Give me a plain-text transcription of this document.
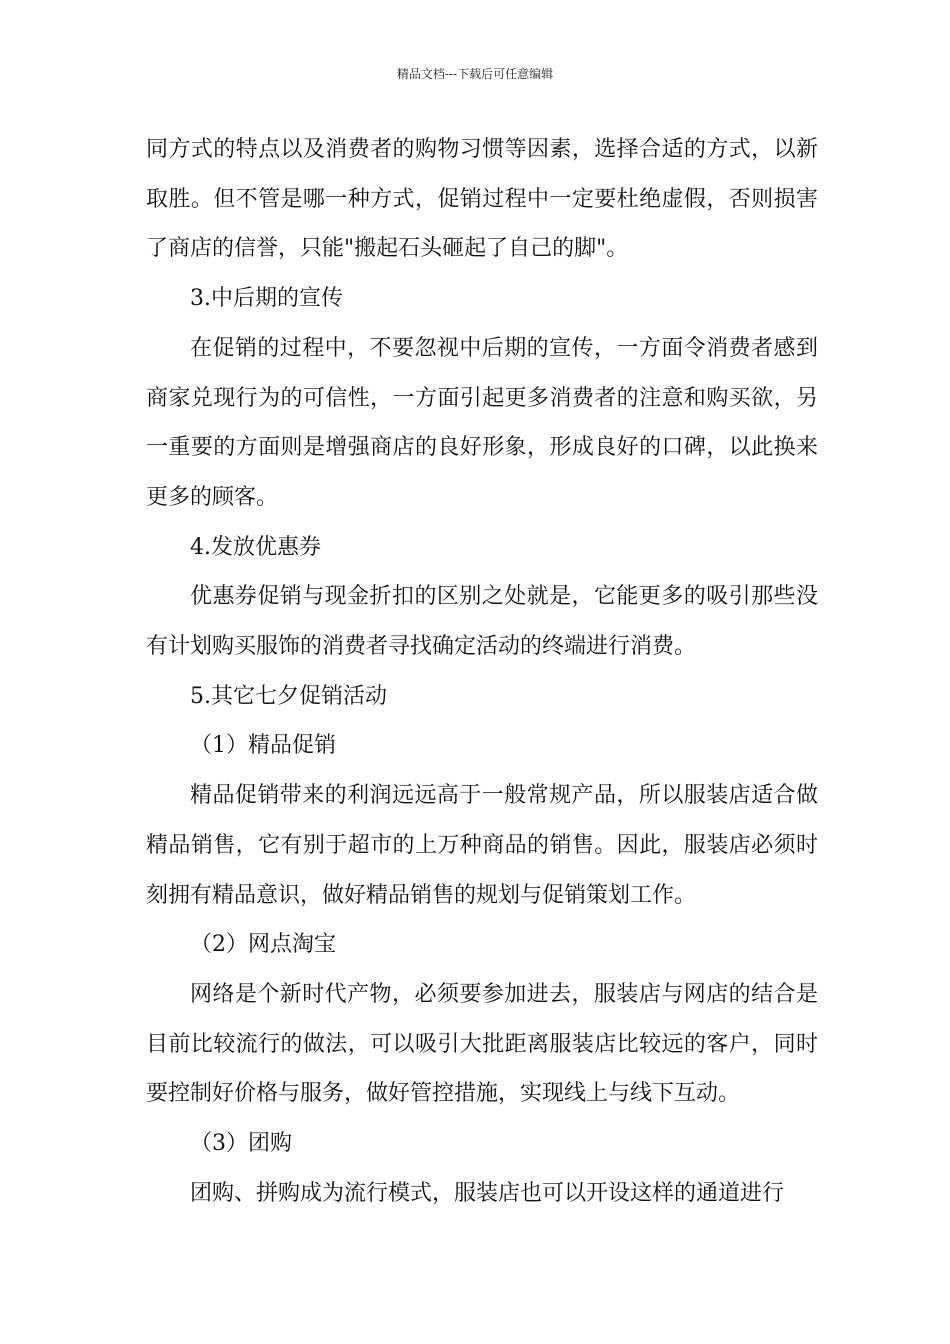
精品文档---下载后可任意编辑

同方式的特点以及消费者的购物习惯等因素，选择合适的方式，以新取胜。但不管是哪一种方式，促销过程中一定要杜绝虚假，否则损害了商店的信誉，只能"搬起石头砸起了自己的脚"。

3.中后期的宣传

在促销的过程中，不要忽视中后期的宣传，一方面令消费者感到商家兑现行为的可信性，一方面引起更多消费者的注意和购买欲，另一重要的方面则是增强商店的良好形象，形成良好的口碑，以此换来更多的顾客。

4.发放优惠券

优惠券促销与现金折扣的区别之处就是，它能更多的吸引那些没有计划购买服饰的消费者寻找确定活动的终端进行消费。

5.其它七夕促销活动

（1）精品促销

精品促销带来的利润远远高于一般常规产品，所以服装店适合做精品销售，它有别于超市的上万种商品的销售。因此，服装店必须时刻拥有精品意识，做好精品销售的规划与促销策划工作。

（2）网点淘宝

网络是个新时代产物，必须要参加进去，服装店与网店的结合是目前比较流行的做法，可以吸引大批距离服装店比较远的客户，同时要控制好价格与服务，做好管控措施，实现线上与线下互动。

（3）团购

团购、拼购成为流行模式，服装店也可以开设这样的通道进行
